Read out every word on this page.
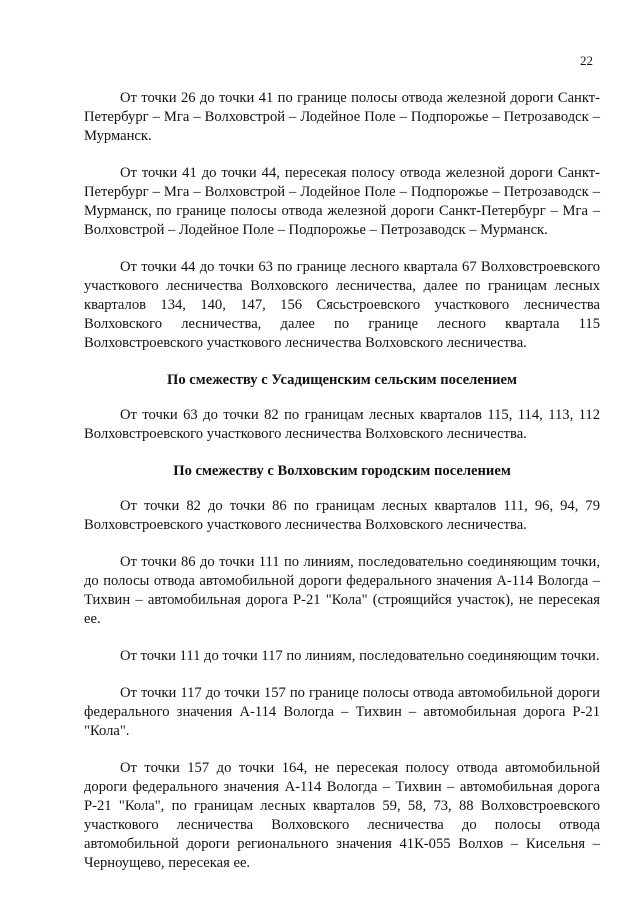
22

От точки 26 до точки 41 по границе полосы отвода железной дороги Санкт-Петербург – Мга – Волховстрой – Лодейное Поле – Подпорожье – Петрозаводск – Мурманск.

От точки 41 до точки 44, пересекая полосу отвода железной дороги Санкт-Петербург – Мга – Волховстрой – Лодейное Поле – Подпорожье – Петрозаводск – Мурманск, по границе полосы отвода железной дороги Санкт-Петербург – Мга – Волховстрой – Лодейное Поле – Подпорожье – Петрозаводск – Мурманск.

От точки 44 до точки 63 по границе лесного квартала 67 Волховстроевского участкового лесничества Волховского лесничества, далее по границам лесных кварталов 134, 140, 147, 156 Сясьстроевского участкового лесничества Волховского лесничества, далее по границе лесного квартала 115 Волховстроевского участкового лесничества Волховского лесничества.

По смежеству с Усадищенским сельским поселением

От точки 63 до точки 82 по границам лесных кварталов 115, 114, 113, 112 Волховстроевского участкового лесничества Волховского лесничества.

По смежеству с Волховским городским поселением

От точки 82 до точки 86 по границам лесных кварталов 111, 96, 94, 79 Волховстроевского участкового лесничества Волховского лесничества.

От точки 86 до точки 111 по линиям, последовательно соединяющим точки, до полосы отвода автомобильной дороги федерального значения А-114 Вологда – Тихвин – автомобильная дорога Р-21 "Кола" (строящийся участок), не пересекая ее.

От точки 111 до точки 117 по линиям, последовательно соединяющим точки.

От точки 117 до точки 157 по границе полосы отвода автомобильной дороги федерального значения А-114 Вологда – Тихвин – автомобильная дорога Р-21 "Кола".

От точки 157 до точки 164, не пересекая полосу отвода автомобильной дороги федерального значения А-114 Вологда – Тихвин – автомобильная дорога Р-21 "Кола", по границам лесных кварталов 59, 58, 73, 88 Волховстроевского участкового лесничества Волховского лесничества до полосы отвода автомобильной дороги регионального значения 41К-055 Волхов – Кисельня – Черноущево, пересекая ее.
